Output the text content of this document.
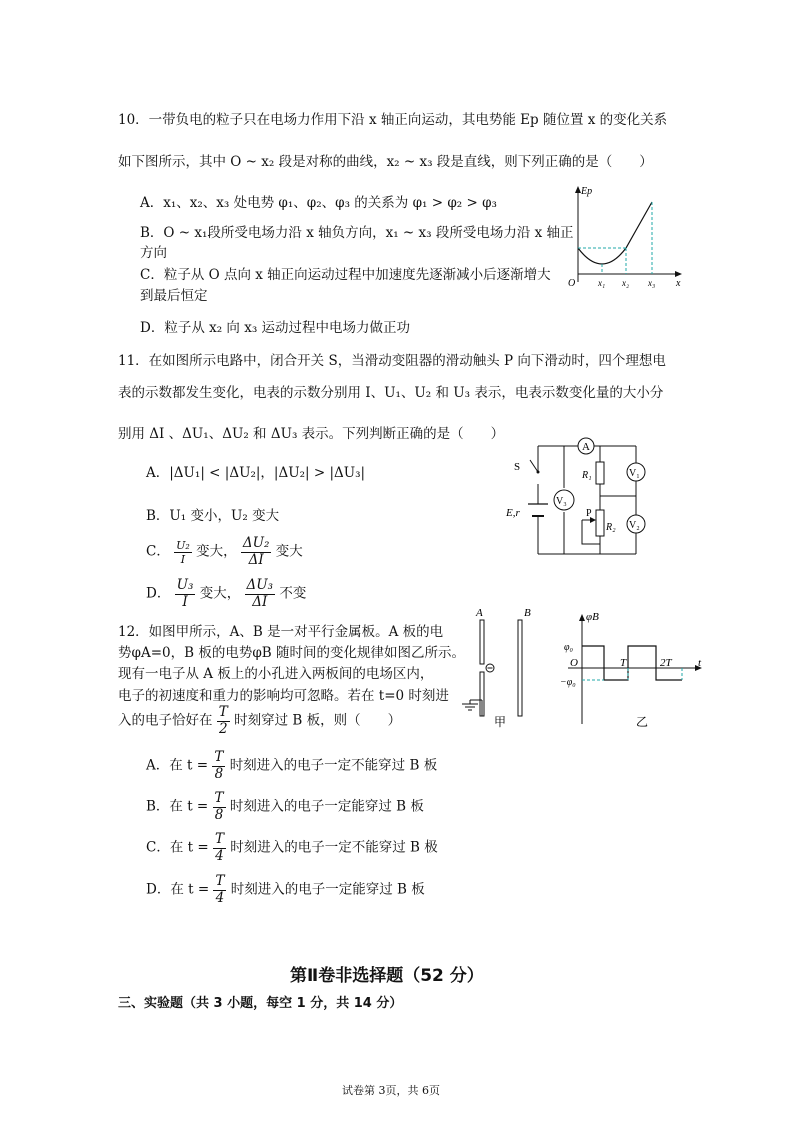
10．一带负电的粒子只在电场力作用下沿 x 轴正向运动，其电势能 Ep 随位置 x 的变化关系
如下图所示，其中 O ~ x₂ 段是对称的曲线，x₂ ~ x₃ 段是直线，则下列正确的是（　　）
A．x₁、x₂、x₃ 处电势 φ₁、φ₂、φ₃ 的关系为 φ₁ > φ₂ > φ₃
B．O ~ x₁段所受电场力沿 x 轴负方向，x₁ ~ x₃ 段所受电场力沿 x 轴正
方向
C．粒子从 O 点向 x 轴正向运动过程中加速度先逐渐减小后逐渐增大
到最后恒定
D．粒子从 x₂ 向 x₃ 运动过程中电场力做正功
Ep
O	x
x₁ x₂ x₃
11．在如图所示电路中，闭合开关 S，当滑动变阻器的滑动触头 P 向下滑动时，四个理想电
表的示数都发生变化，电表的示数分别用 I、U₁、U₂ 和 U₃ 表示，电表示数变化量的大小分
别用 ΔI 、ΔU₁、ΔU₂ 和 ΔU₃ 表示。下列判断正确的是（　　）
A．|ΔU₁| < |ΔU₂|，|ΔU₂| > |ΔU₃|
B．U₁ 变小，U₂ 变大
C． $\frac{\text{U₂}}{I}$ 变大， $\frac{\text{ΔU₂}}{\Delta I}$ 变大
D． $\frac{\text{U₃}}{I}$ 变大， $\frac{\text{ΔU₃}}{\Delta I}$ 不变
A
V₁
V₂
V₃
R₁
R₂
P
S
E,r
12．如图甲所示，A、B 是一对平行金属板。A 板的电
势φA=0，B 板的电势φB 随时间的变化规律如图乙所示。
现有一电子从 A 板上的小孔进入两板间的电场区内，
电子的初速度和重力的影响均可忽略。若在 t=0 时刻进
入的电子恰好在 $\frac{T}{2}$ 时刻穿过 B 板，则（　　）
A．在 $t = \frac{T}{8}$ 时刻进入的电子一定不能穿过 B 板
B．在 $t = \frac{T}{8}$ 时刻进入的电子一定能穿过 B 板
C．在 $t = \frac{T}{4}$ 时刻进入的电子一定不能穿过 B 极
D．在 $t = \frac{T}{4}$ 时刻进入的电子一定能穿过 B 板
A	B
甲
φB
φ₀
−φ₀
O	T	2T t
乙
第Ⅱ卷非选择题（52 分）
三、实验题（共 3 小题，每空 1 分，共 14 分）
试卷第 3页，共 6页
